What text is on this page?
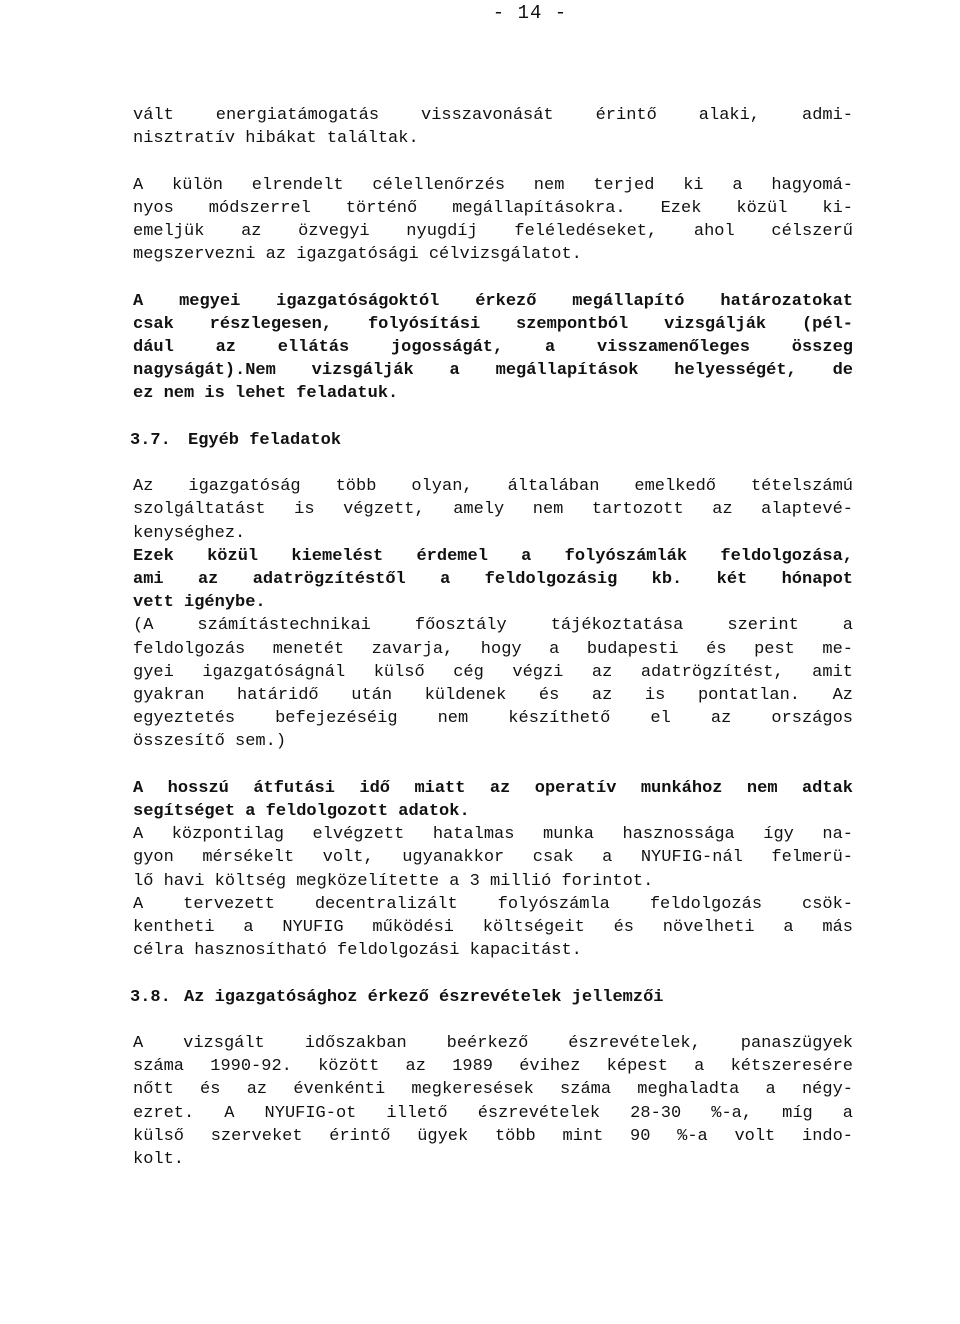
- 14 -
vált energiatámogatás visszavonását érintő alaki, admi-
nisztratív hibákat találtak.
A külön elrendelt célellenőrzés nem terjed ki a hagyomá-
nyos módszerrel történő megállapításokra. Ezek közül ki-
emeljük az özvegyi nyugdíj feléledéseket, ahol célszerű
megszervezni az igazgatósági célvizsgálatot.
A megyei igazgatóságoktól érkező megállapító határozatokat
csak részlegesen, folyósítási szempontból vizsgálják (pél-
dául az ellátás jogosságát, a visszamenőleges összeg
nagyságát).Nem vizsgálják a megállapítások helyességét, de
ez nem is lehet feladatuk.
3.7. Egyéb feladatok
Az igazgatóság több olyan, általában emelkedő tételszámú
szolgáltatást is végzett, amely nem tartozott az alaptevé-
kenységhez.
Ezek közül kiemelést érdemel a folyószámlák feldolgozása,
ami az adatrögzítéstől a feldolgozásig kb. két hónapot
vett igénybe.
(A számítástechnikai főosztály tájékoztatása szerint a
feldolgozás menetét zavarja, hogy a budapesti és pest me-
gyei igazgatóságnál külső cég végzi az adatrögzítést, amit
gyakran határidő után küldenek és az is pontatlan. Az
egyeztetés befejezéséig nem készíthető el az országos
összesítő sem.)
A hosszú átfutási idő miatt az operatív munkához nem adtak
segítséget a feldolgozott adatok.
A központilag elvégzett hatalmas munka hasznossága így na-
gyon mérsékelt volt, ugyanakkor csak a NYUFIG-nál felmerü-
lő havi költség megközelítette a 3 millió forintot.
A tervezett decentralizált folyószámla feldolgozás csök-
kentheti a NYUFIG működési költségeit és növelheti a más
célra hasznosítható feldolgozási kapacitást.
3.8. Az igazgatósághoz érkező észrevételek jellemzői
A vizsgált időszakban beérkező észrevételek, panaszügyek
száma 1990-92. között az 1989 évihez képest a kétszeresére
nőtt és az évenkénti megkeresések száma meghaladta a négy-
ezret. A NYUFIG-ot illető észrevételek 28-30 %-a, míg a
külső szerveket érintő ügyek több mint 90 %-a volt indo-
kolt.
